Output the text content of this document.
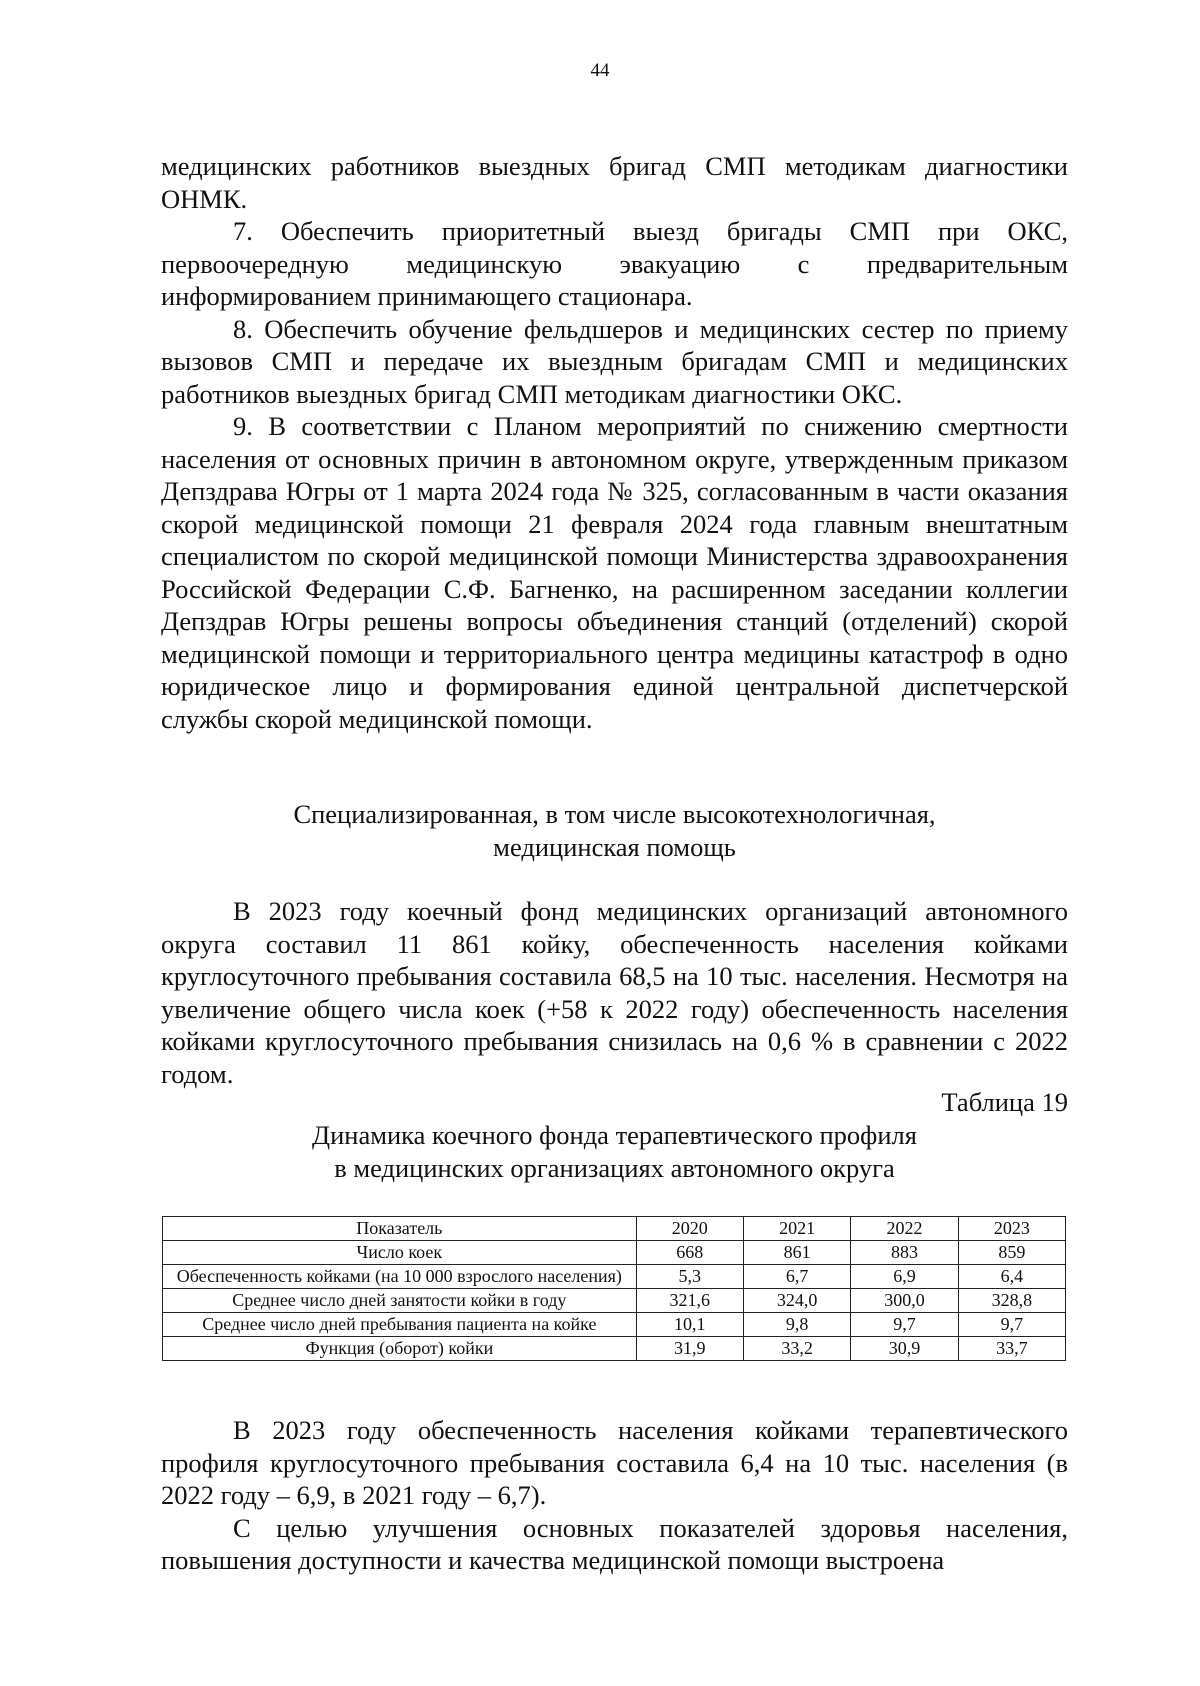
44

медицинских работников выездных бригад СМП методикам диагностики ОНМК.

7. Обеспечить приоритетный выезд бригады СМП при ОКС, первоочередную медицинскую эвакуацию с предварительным информированием принимающего стационара.

8. Обеспечить обучение фельдшеров и медицинских сестер по приему вызовов СМП и передаче их выездным бригадам СМП и медицинских работников выездных бригад СМП методикам диагностики ОКС.

9. В соответствии с Планом мероприятий по снижению смертности населения от основных причин в автономном округе, утвержденным приказом Депздрава Югры от 1 марта 2024 года № 325, согласованным в части оказания скорой медицинской помощи 21 февраля 2024 года главным внештатным специалистом по скорой медицинской помощи Министерства здравоохранения Российской Федерации С.Ф. Багненко, на расширенном заседании коллегии Депздрав Югры решены вопросы объединения станций (отделений) скорой медицинской помощи и территориального центра медицины катастроф в одно юридическое лицо и формирования единой центральной диспетчерской службы скорой медицинской помощи.

Специализированная, в том числе высокотехнологичная,
медицинская помощь

В 2023 году коечный фонд медицинских организаций автономного округа составил 11 861 койку, обеспеченность населения койками круглосуточного пребывания составила 68,5 на 10 тыс. населения. Несмотря на увеличение общего числа коек (+58 к 2022 году) обеспеченность населения койками круглосуточного пребывания снизилась на 0,6 % в сравнении с 2022 годом.

Таблица 19
Динамика коечного фонда терапевтического профиля
в медицинских организациях автономного округа
Показатель	2020	2021	2022	2023
Число коек	668	861	883	859
Обеспеченность койками (на 10 000 взрослого населения)	5,3	6,7	6,9	6,4
Среднее число дней занятости койки в году	321,6	324,0	300,0	328,8
Среднее число дней пребывания пациента на койке	10,1	9,8	9,7	9,7
Функция (оборот) койки	31,9	33,2	30,9	33,7

В 2023 году обеспеченность населения койками терапевтического профиля круглосуточного пребывания составила 6,4 на 10 тыс. населения (в 2022 году – 6,9, в 2021 году – 6,7).

С целью улучшения основных показателей здоровья населения, повышения доступности и качества медицинской помощи выстроена
